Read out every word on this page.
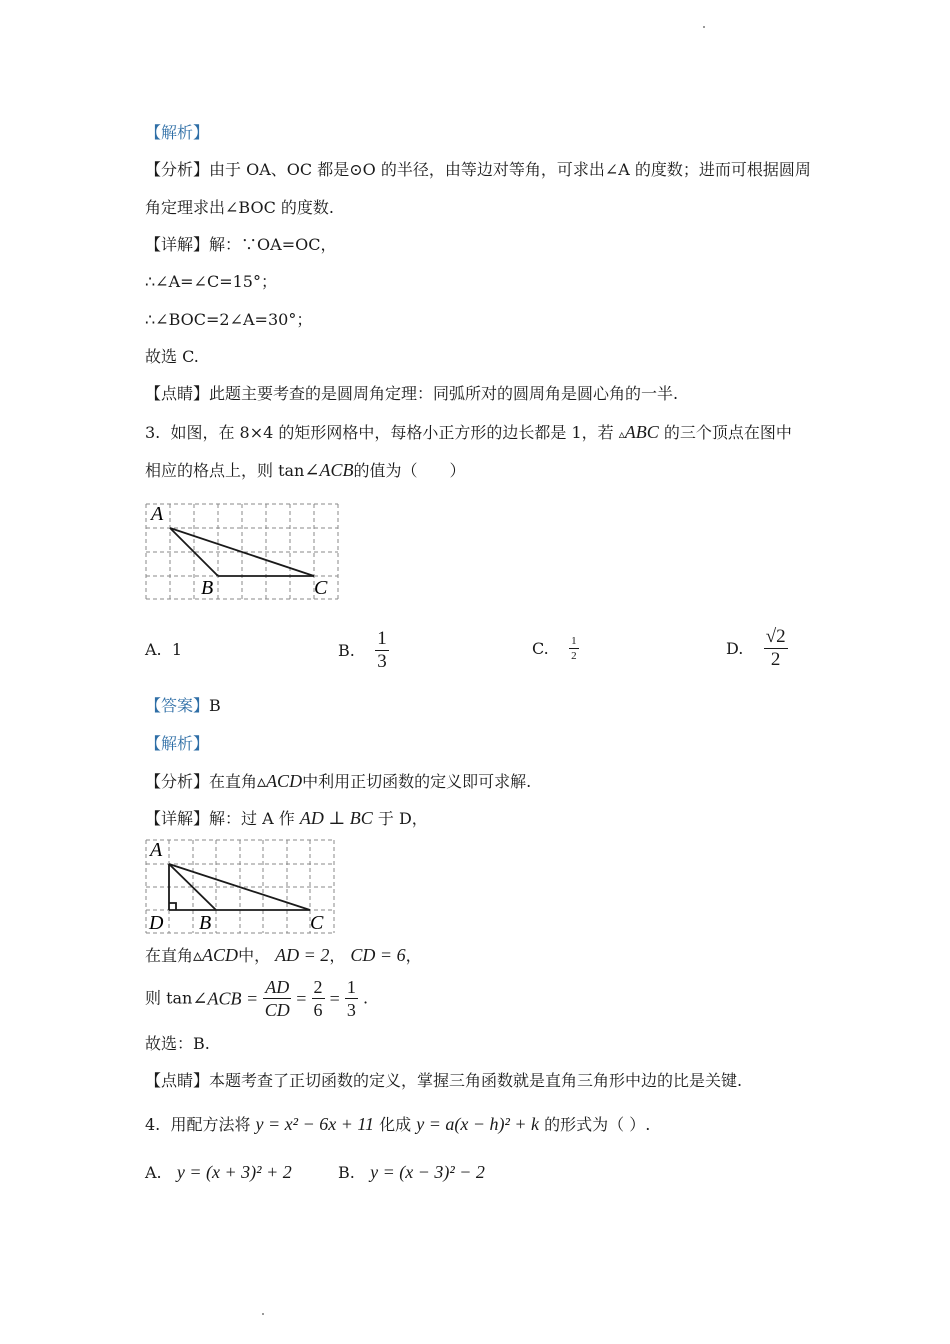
【解析】
【分析】由于 OA、OC 都是⊙O 的半径，由等边对等角，可求出∠A 的度数；进而可根据圆周
角定理求出∠BOC 的度数.
【详解】解：∵OA=OC，
∴∠A=∠C=15°；
∴∠BOC=2∠A=30°；
故选 C.
【点睛】此题主要考查的是圆周角定理：同弧所对的圆周角是圆心角的一半.
3. 如图，在 8×4 的矩形网格中，每格小正方形的边长都是 1，若 ▵ABC 的三个顶点在图中
相应的格点上，则 tan∠ACB的值为（　　）
A
B	C
A. 1	B. $\frac{1}{3}$	C. $\frac{1}{2}$	D. $\frac{√2}{2}$
【答案】B
【解析】
【分析】在直角▵ACD中利用正切函数的定义即可求解.
【详解】解：过 A 作 AD ⊥ BC 于 D，
A
D B	C
在直角▵ACD中， AD = 2， CD = 6，
则 tan∠ACB = $\frac{AD}{CD} = \frac{2}{6} = \frac{1}{3}$ .
故选：B.
【点睛】本题考查了正切函数的定义，掌握三角函数就是直角三角形中边的比是关键.
4. 用配方法将 y = x² − 6x + 11 化成 y = a(x − h)² + k 的形式为（ ）.
A. y = (x + 3)² + 2	B. y = (x − 3)² − 2
